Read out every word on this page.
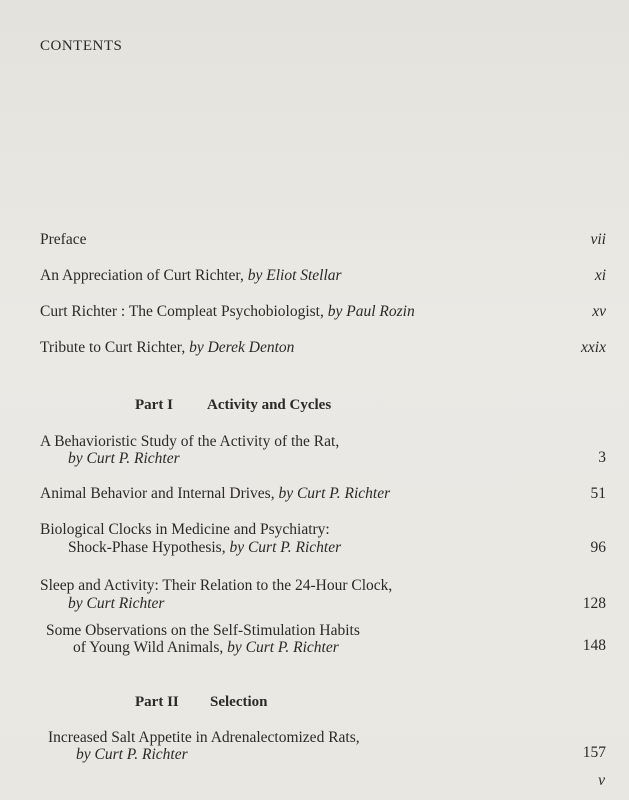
CONTENTS
Preface	vii
An Appreciation of Curt Richter, by Eliot Stellar	xi
Curt Richter : The Compleat Psychobiologist, by Paul Rozin	xv
Tribute to Curt Richter, by Derek Denton	xxix
Part I Activity and Cycles
A Behavioristic Study of the Activity of the Rat,
by Curt P. Richter	3
Animal Behavior and Internal Drives, by Curt P. Richter	51
Biological Clocks in Medicine and Psychiatry:
Shock-Phase Hypothesis, by Curt P. Richter	96
Sleep and Activity: Their Relation to the 24-Hour Clock,
by Curt Richter	128
Some Observations on the Self-Stimulation Habits
of Young Wild Animals, by Curt P. Richter	148
Part II Selection
Increased Salt Appetite in Adrenalectomized Rats,
by Curt P. Richter	157
v
